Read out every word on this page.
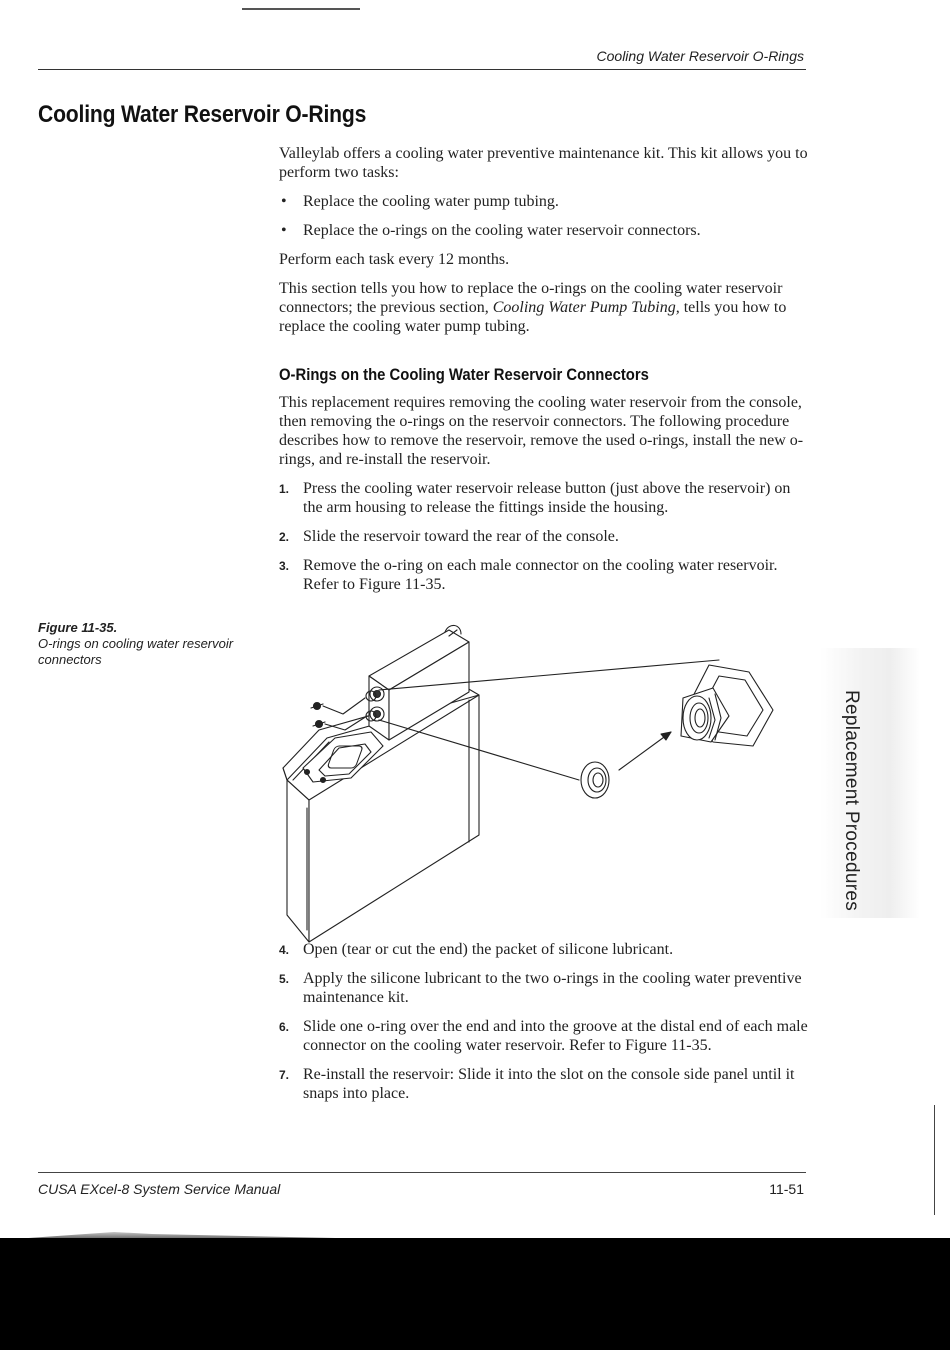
Cooling Water Reservoir O-Rings
Cooling Water Reservoir O-Rings

Valleylab offers a cooling water preventive maintenance kit. This kit allows you to perform two tasks:

• Replace the cooling water pump tubing.
• Replace the o-rings on the cooling water reservoir connectors.

Perform each task every 12 months.

This section tells you how to replace the o-rings on the cooling water reservoir connectors; the previous section, Cooling Water Pump Tubing, tells you how to replace the cooling water pump tubing.

O-Rings on the Cooling Water Reservoir Connectors

This replacement requires removing the cooling water reservoir from the console, then removing the o-rings on the reservoir connectors. The following procedure describes how to remove the reservoir, remove the used o-rings, install the new o-rings, and re-install the reservoir.

1. Press the cooling water reservoir release button (just above the reservoir) on the arm housing to release the fittings inside the housing.
2. Slide the reservoir toward the rear of the console.
3. Remove the o-ring on each male connector on the cooling water reservoir. Refer to Figure 11-35.
4. Open (tear or cut the end) the packet of silicone lubricant.
5. Apply the silicone lubricant to the two o-rings in the cooling water preventive maintenance kit.
6. Slide one o-ring over the end and into the groove at the distal end of each male connector on the cooling water reservoir. Refer to Figure 11-35.
7. Re-install the reservoir: Slide it into the slot on the console side panel until it snaps into place.
Figure 11-35.
O-rings on cooling water reservoir connectors
Replacement Procedures
CUSA EXcel-8 System Service Manual	11-51
